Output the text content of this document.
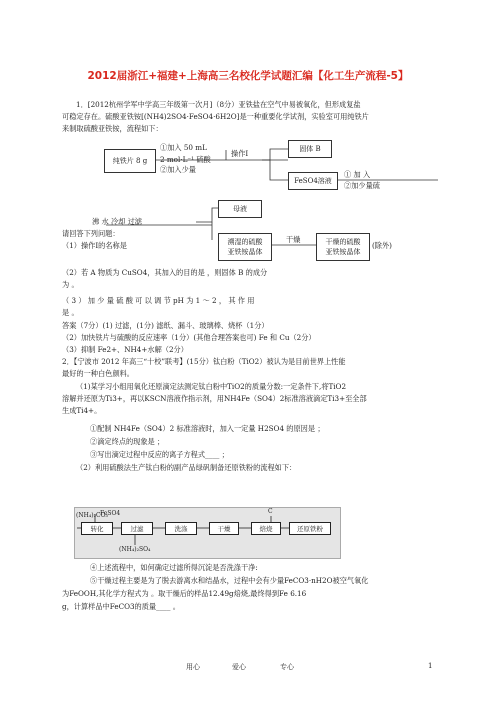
2012届浙江+福建+上海高三名校化学试题汇编【化工生产流程-5】
1．[2012杭州学军中学高三年级第一次月]（8分）亚铁盐在空气中易被氧化，但形成复盐
可稳定存在。硫酸亚铁铵[(NH4)2SO4·FeSO4·6H2O]是一种重要化学试剂，实验室可用纯铁片
来制取硫酸亚铁铵，流程如下：
纯铁片 8 g
①加入 50 mL
2 mol·L⁻¹ 硫酸
②加入少量
操作Ⅰ	固体 B
FeSO4溶液
① 加 入
②加少量硫
母液
沸 水 冷却 过滤
溯湿的硫酸
亚铁铵晶体
干燥	干燥的硫酸
亚铁铵晶体
(除外)
请回答下列问题：
（1）操作Ⅰ的名称是
（2）若 A 物质为 CuSO4，其加入的目的是 ，则固体 B 的成分
为 。
（ 3 ） 加 少 量 硫 酸 可 以 调 节 pH 为 1 ～ 2 ， 其 作 用
是 。
答案（7分）(1) 过滤，(1分) 滤纸、漏斗、玻璃棒、烧杯（1分）
（2）加快铁片与硫酸的反应速率（1分）(其他合理答案也可) Fe 和 Cu（2分）
（3）抑制 Fe2+、NH4+水解（2分）
2．【宁波市 2012 年高三“十校”联考】(15分）钛白粉（TiO2）被认为是目前世界上性能
最好的一种白色颜料。
（1)某学习小组用氧化还原滴定法测定钛白粉中TiO2的质量分数:一定条件下,将TiO2
溶解并还原为Ti3+，再以KSCN溶液作指示剂，用NH4Fe（SO4）2标准溶液滴定Ti3+至全部
生成Ti4+。
①配制 NH4Fe（SO4）2 标准溶液时，加入一定量 H2SO4 的原因是 ；
②滴定终点的现象是 ；
③写出滴定过程中反应的离子方程式____ ；
（2）利用硫酸法生产钛白粉的副产品绿矾制备还原铁粉的流程如下：
(NH₄)₂CO₃
FeSO4
转化	过滤	洗涤	干燥	焙烧
C
还原铁粉
(NH₄)₂SO₄
④上述流程中，如何确定过滤所得沉淀是否洗涤干净:
⑤干燥过程主要是为了脱去游离水和结晶水，过程中会有少量FeCO3·nH2O被空气氧化
为FeOOH,其化学方程式为 。取干燥后的样品12.49g焙烧,最终得到Fe 6.16
g，计算样品中FeCO3的质量____ 。
用心	爱心	专心	1
